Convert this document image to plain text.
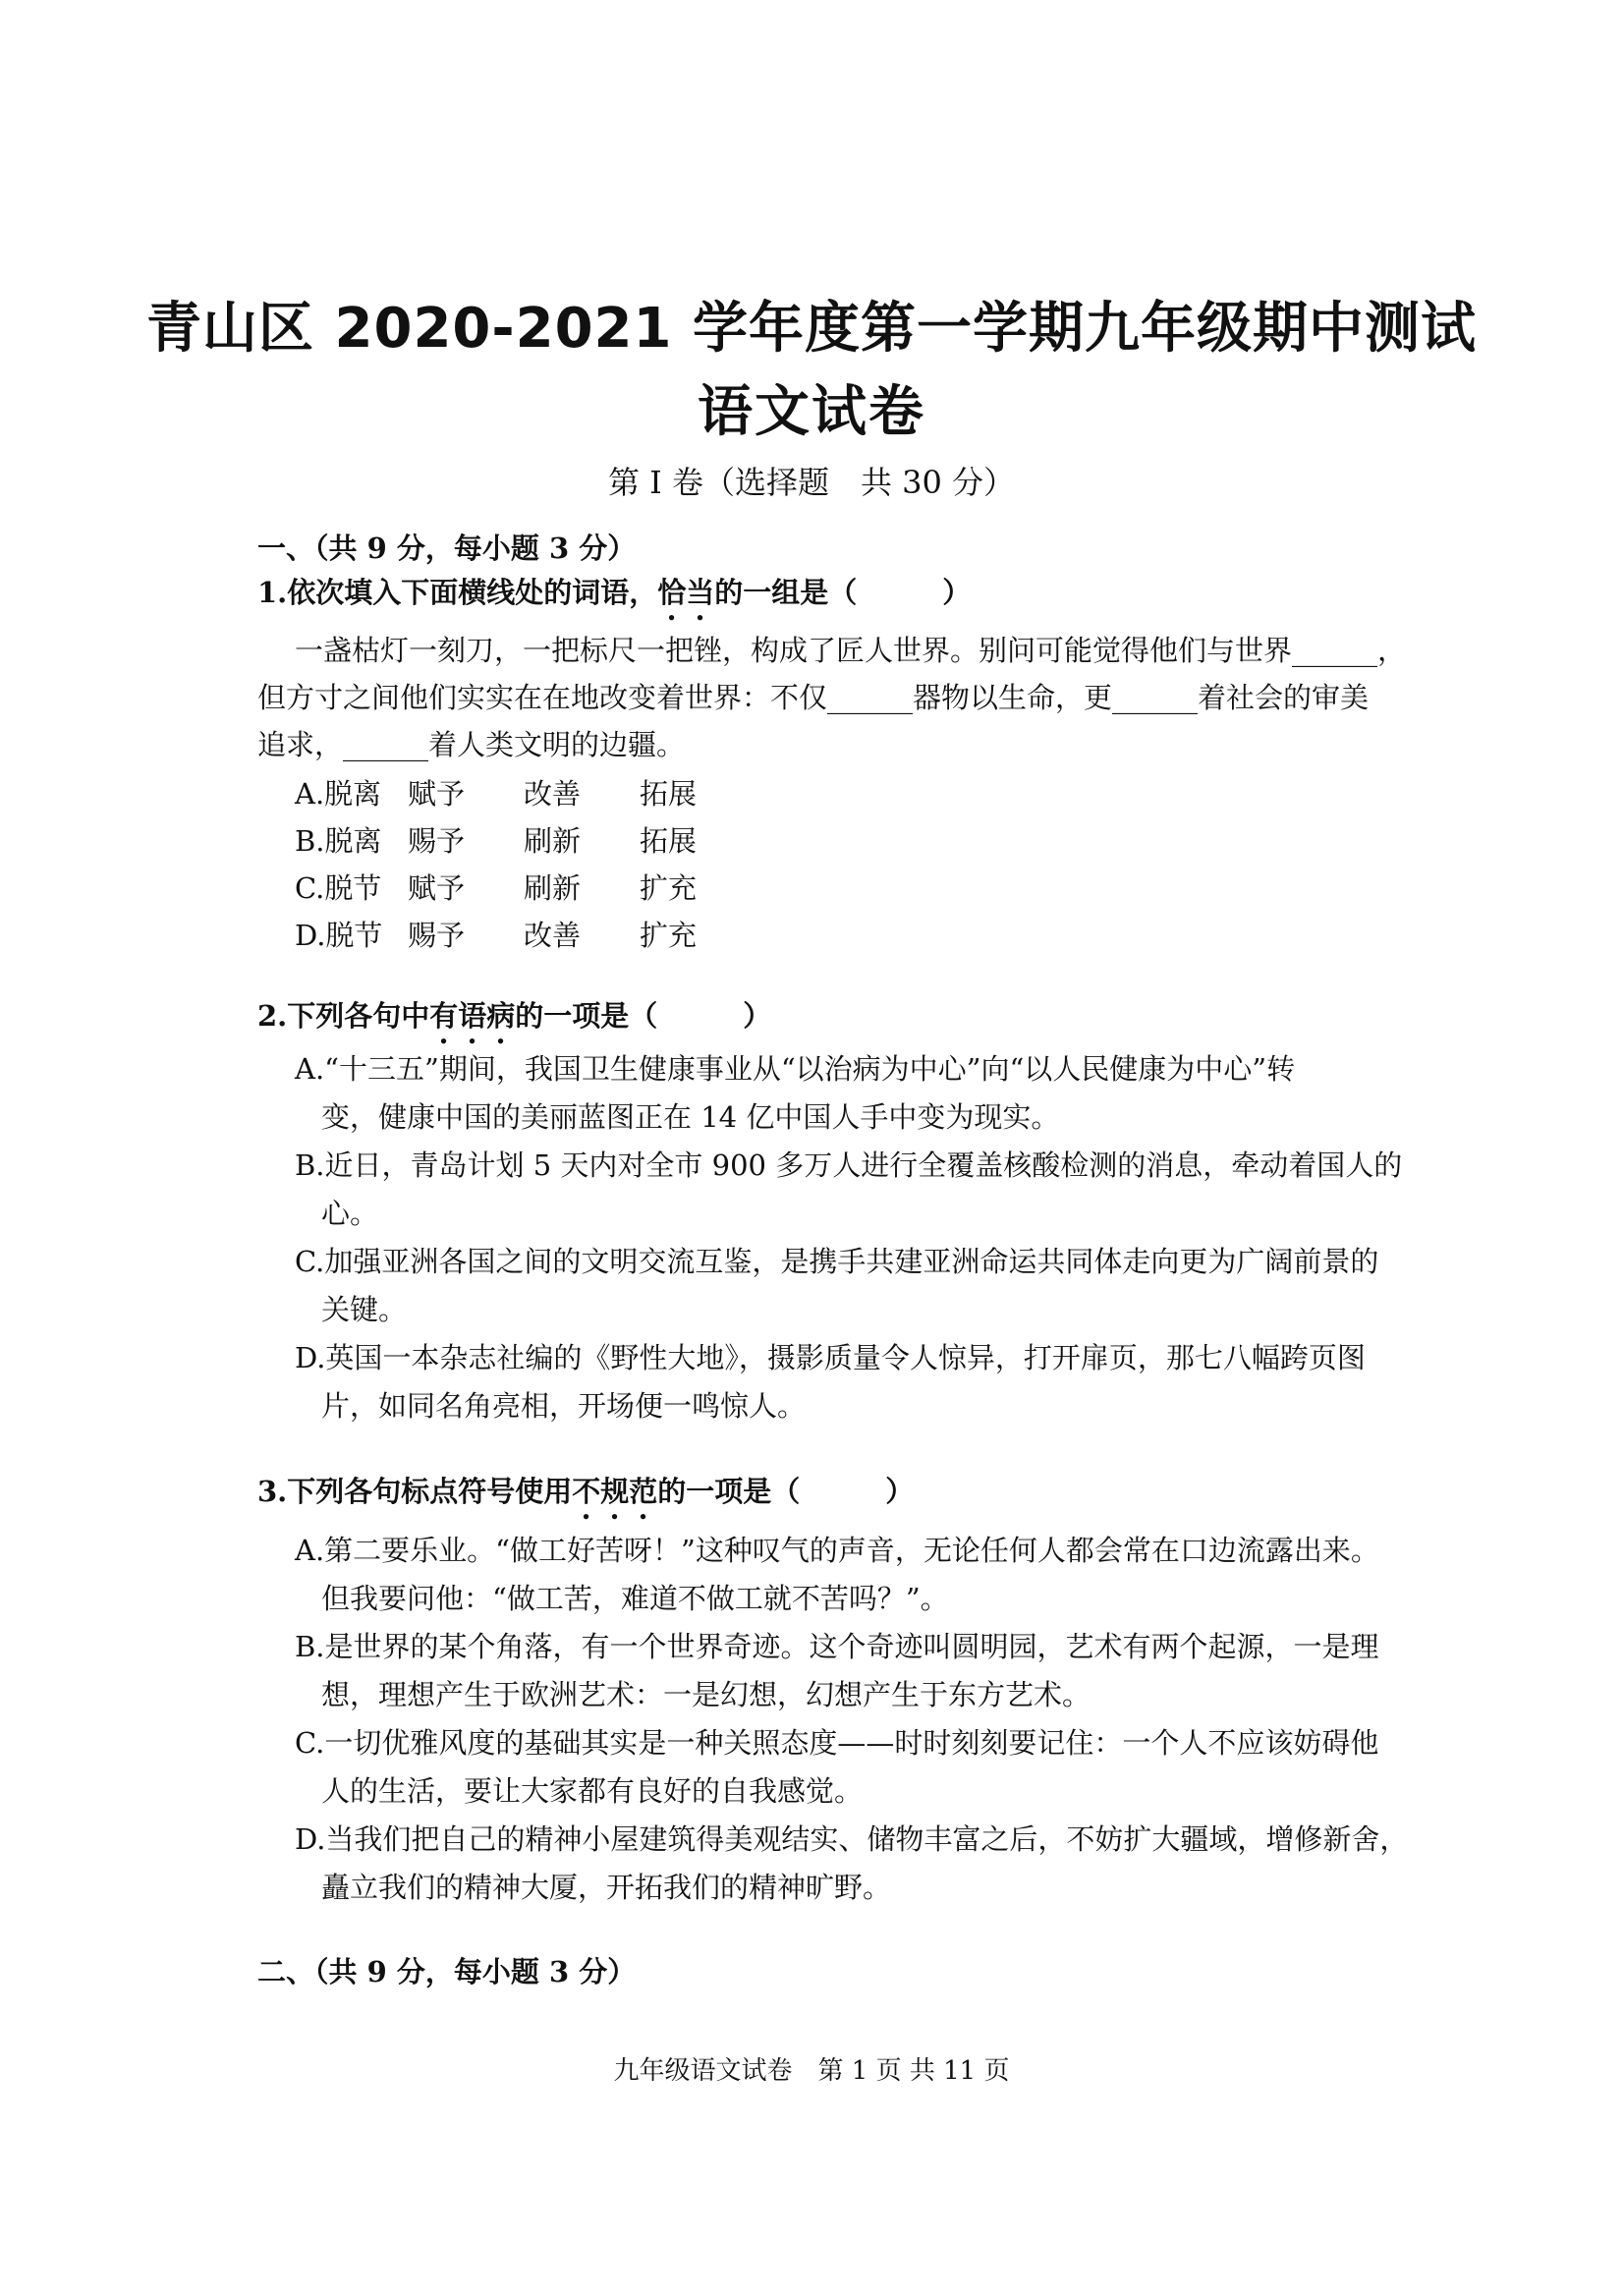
青山区 2020-2021 学年度第一学期九年级期中测试
语文试卷
第 I 卷（选择题　共 30 分）
一、（共 9 分，每小题 3 分）
1.依次填入下面横线处的词语，恰当的一组是（　　　）
一盏枯灯一刻刀，一把标尺一把锉，构成了匠人世界。别问可能觉得他们与世界______，
但方寸之间他们实实在在地改变着世界：不仅______器物以生命，更______着社会的审美
追求，______着人类文明的边疆。
A.脱离 赋予 改善 拓展
B.脱离 赐予 刷新 拓展
C.脱节 赋予 刷新 扩充
D.脱节 赐予 改善 扩充
2.下列各句中有语病的一项是（　　　）
A.“十三五”期间，我国卫生健康事业从“以治病为中心”向“以人民健康为中心”转
变，健康中国的美丽蓝图正在 14 亿中国人手中变为现实。
B.近日，青岛计划 5 天内对全市 900 多万人进行全覆盖核酸检测的消息，牵动着国人的
心。
C.加强亚洲各国之间的文明交流互鉴，是携手共建亚洲命运共同体走向更为广阔前景的
关键。
D.英国一本杂志社编的《野性大地》，摄影质量令人惊异，打开扉页，那七八幅跨页图
片，如同名角亮相，开场便一鸣惊人。
3.下列各句标点符号使用不规范的一项是（　　　）
A.第二要乐业。“做工好苦呀！”这种叹气的声音，无论任何人都会常在口边流露出来。
但我要问他：“做工苦，难道不做工就不苦吗？”。
B.是世界的某个角落，有一个世界奇迹。这个奇迹叫圆明园，艺术有两个起源，一是理
想，理想产生于欧洲艺术：一是幻想，幻想产生于东方艺术。
C.一切优雅风度的基础其实是一种关照态度——时时刻刻要记住：一个人不应该妨碍他
人的生活，要让大家都有良好的自我感觉。
D.当我们把自己的精神小屋建筑得美观结实、储物丰富之后，不妨扩大疆域，增修新舍，
矗立我们的精神大厦，开拓我们的精神旷野。
二、（共 9 分，每小题 3 分）
九年级语文试卷　第 1 页 共 11 页
